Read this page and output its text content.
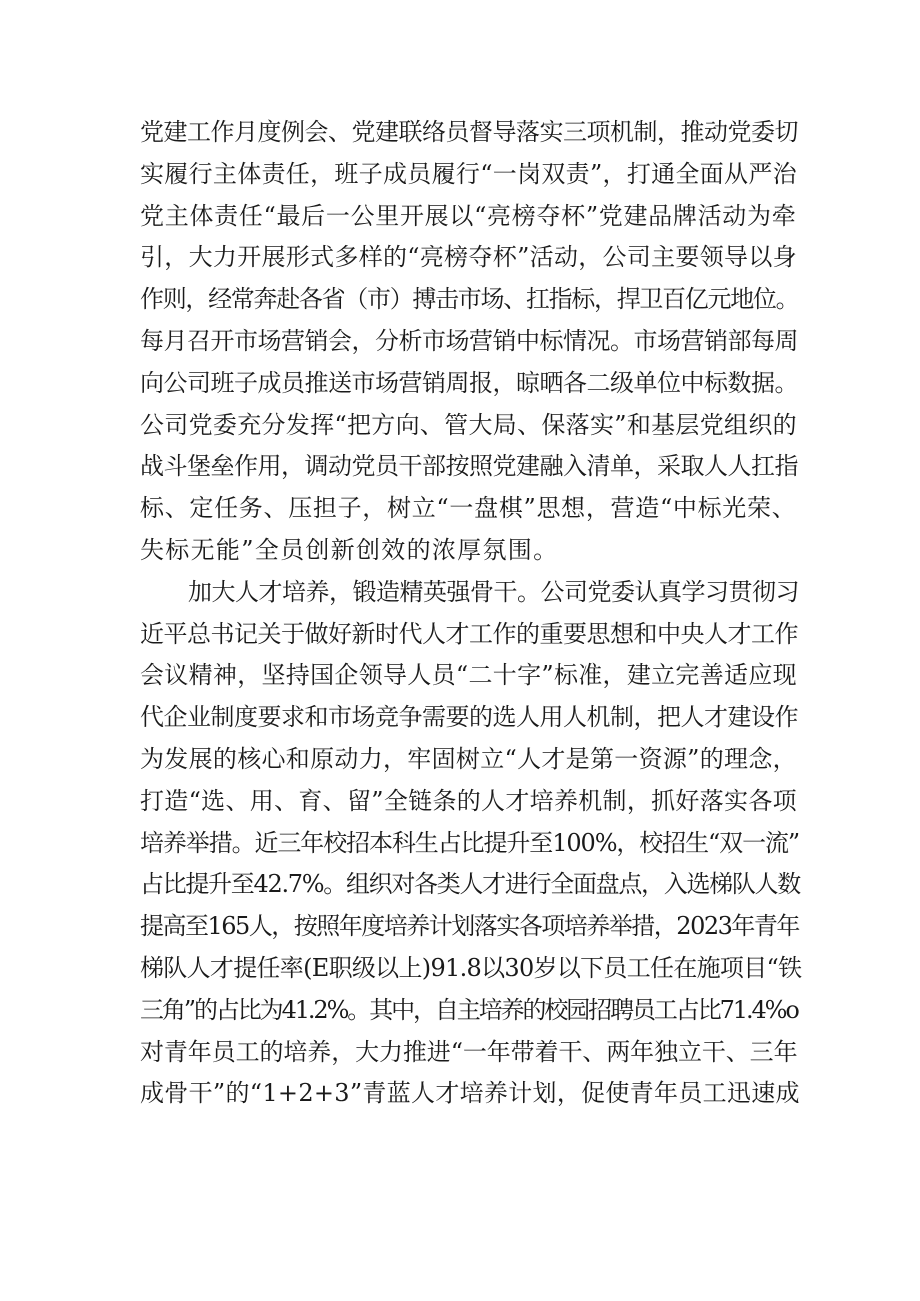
党建工作月度例会、党建联络员督导落实三项机制，推动党委切
实履行主体责任，班子成员履行“一岗双责”，打通全面从严治
党主体责任“最后一公里开展以“亮榜夺杯”党建品牌活动为牵
引，大力开展形式多样的“亮榜夺杯”活动，公司主要领导以身
作则，经常奔赴各省（市）搏击市场、扛指标，捍卫百亿元地位。
每月召开市场营销会，分析市场营销中标情况。市场营销部每周
向公司班子成员推送市场营销周报，晾晒各二级单位中标数据。
公司党委充分发挥“把方向、管大局、保落实”和基层党组织的
战斗堡垒作用，调动党员干部按照党建融入清单，采取人人扛指
标、定任务、压担子，树立“一盘棋”思想，营造“中标光荣、
失标无能”全员创新创效的浓厚氛围。
加大人才培养，锻造精英强骨干。公司党委认真学习贯彻习
近平总书记关于做好新时代人才工作的重要思想和中央人才工作
会议精神，坚持国企领导人员“二十字”标准，建立完善适应现
代企业制度要求和市场竞争需要的选人用人机制，把人才建设作
为发展的核心和原动力，牢固树立“人才是第一资源”的理念，
打造“选、用、育、留”全链条的人才培养机制，抓好落实各项
培养举措。近三年校招本科生占比提升至100%，校招生“双一流”
占比提升至42.7%。组织对各类人才进行全面盘点，入选梯队人数
提高至165人，按照年度培养计划落实各项培养举措，2023年青年
梯队人才提任率(E职级以上)91.8以30岁以下员工任在施项目“铁
三角”的占比为41.2%。其中，自主培养的校园招聘员工占比71.4%o
对青年员工的培养，大力推进“一年带着干、两年独立干、三年
成骨干”的“1+2+3”青蓝人才培养计划，促使青年员工迅速成
